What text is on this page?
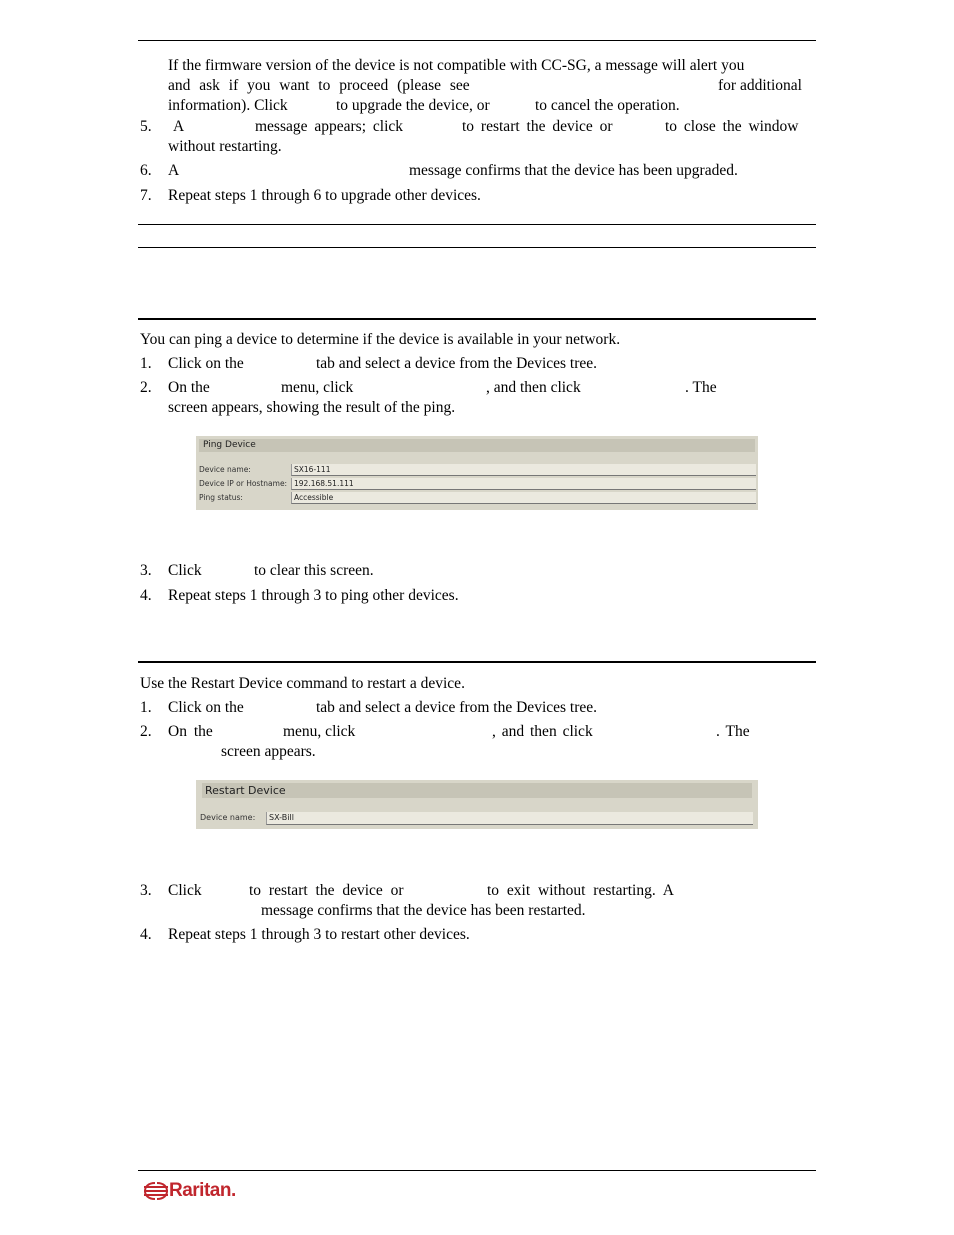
If the firmware version of the device is not compatible with CC-SG, a message will alert you
and ask if you want to proceed (please see	for additional
information). Click	to upgrade the device, or	to cancel the operation.
5. A	message appears; click	to restart the device or	to close the window
without restarting.
6. A	message confirms that the device has been upgraded.
7. Repeat steps 1 through 6 to upgrade other devices.
You can ping a device to determine if the device is available in your network.
1. Click on the	tab and select a device from the Devices tree.
2. On the	menu, click	, and then click	. The
screen appears, showing the result of the ping.
Ping Device
Device name:	SX16-111
Device IP or Hostname: 192.168.51.111
Ping status:	Accessible
3. Click	to clear this screen.
4. Repeat steps 1 through 3 to ping other devices.
Use the Restart Device command to restart a device.
1. Click on the	tab and select a device from the Devices tree.
2. On the	menu, click	, and then click	. The
screen appears.
Restart Device
Device name:	SX-Bill
3. Click	to restart the device or	to exit without restarting. A
message confirms that the device has been restarted.
4. Repeat steps 1 through 3 to restart other devices.
Raritan.
